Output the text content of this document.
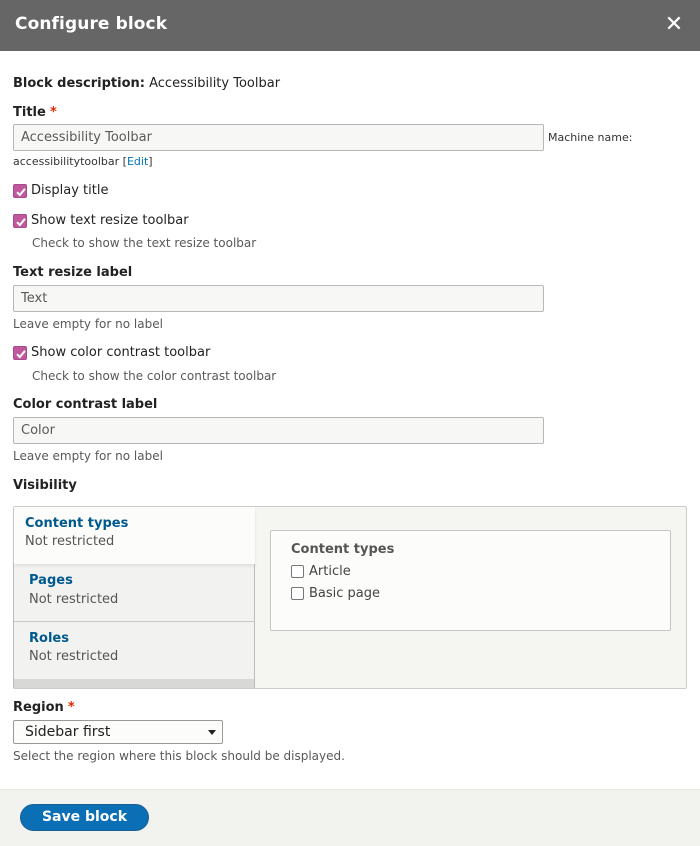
Configure block	✕
Block description: Accessibility Toolbar
Title *
Accessibility Toolbar	Machine name:
accessibilitytoolbar [Edit]
Display title
Show text resize toolbar
Check to show the text resize toolbar
Text resize label
Text
Leave empty for no label
Show color contrast toolbar
Check to show the color contrast toolbar
Color contrast label
Color
Leave empty for no label
Visibility
Content types
Not restricted
Pages
Not restricted
Roles
Not restricted
Content types
Article
Basic page
Region *
Sidebar first
Select the region where this block should be displayed.
Save block
